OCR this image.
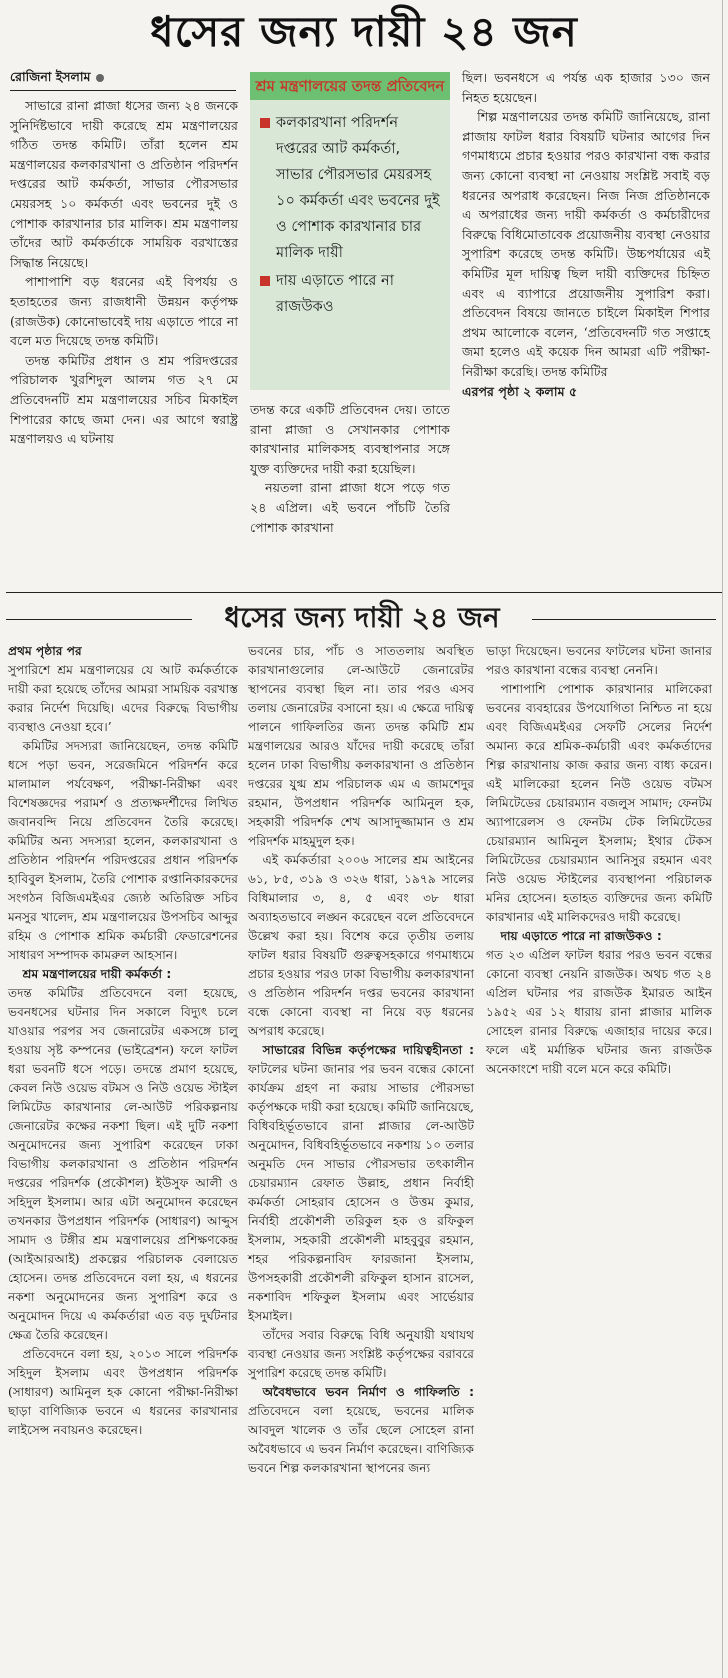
ধসের জন্য দায়ী ২৪ জন
রোজিনা ইসলাম

সাভারে রানা প্লাজা ধসের জন্য ২৪ জনকে সুনির্দিষ্টভাবে দায়ী করেছে শ্রম মন্ত্রণালয়ের গঠিত তদন্ত কমিটি। তাঁরা হলেন শ্রম মন্ত্রণালয়ের কলকারখানা ও প্রতিষ্ঠান পরিদর্শন দপ্তরের আট কর্মকর্তা, সাভার পৌরসভার মেয়রসহ ১০ কর্মকর্তা এবং ভবনের দুই ও পোশাক কারখানার চার মালিক। শ্রম মন্ত্রণালয় তাঁদের আট কর্মকর্তাকে সাময়িক বরখাস্তের সিদ্ধান্ত নিয়েছে।

পাশাপাশি বড় ধরনের এই বিপর্যয় ও হতাহতের জন্য রাজধানী উন্নয়ন কর্তৃপক্ষ (রাজউক) কোনোভাবেই দায় এড়াতে পারে না বলে মত দিয়েছে তদন্ত কমিটি।

তদন্ত কমিটির প্রধান ও শ্রম পরিদপ্তরের পরিচালক খুরশিদুল আলম গত ২৭ মে প্রতিবেদনটি শ্রম মন্ত্রণালয়ের সচিব মিকাইল শিপারের কাছে জমা দেন। এর আগে স্বরাষ্ট্র মন্ত্রণালয়ও এ ঘটনায়

শ্রম মন্ত্রণালয়ের তদন্ত প্রতিবেদন
কলকারখানা পরিদর্শন দপ্তরের আট কর্মকর্তা, সাভার পৌরসভার মেয়রসহ ১০ কর্মকর্তা এবং ভবনের দুই ও পোশাক কারখানার চার মালিক দায়ী
দায় এড়াতে পারে না রাজউকও

তদন্ত করে একটি প্রতিবেদন দেয়। তাতে রানা প্লাজা ও সেখানকার পোশাক কারখানার মালিকসহ ব্যবস্থাপনার সঙ্গে যুক্ত ব্যক্তিদের দায়ী করা হয়েছিল।

নয়তলা রানা প্লাজা ধসে পড়ে গত ২৪ এপ্রিল। এই ভবনে পাঁচটি তৈরি পোশাক কারখানা

ছিল। ভবনধসে এ পর্যন্ত এক হাজার ১৩০ জন নিহত হয়েছেন।

শিল্প মন্ত্রণালয়ের তদন্ত কমিটি জানিয়েছে, রানা প্লাজায় ফাটল ধরার বিষয়টি ঘটনার আগের দিন গণমাধ্যমে প্রচার হওয়ার পরও কারখানা বন্ধ করার জন্য কোনো ব্যবস্থা না নেওয়ায় সংশ্লিষ্ট সবাই বড় ধরনের অপরাধ করেছেন। নিজ নিজ প্রতিষ্ঠানকে এ অপরাধের জন্য দায়ী কর্মকর্তা ও কর্মচারীদের বিরুদ্ধে বিধিমোতাবেক প্রয়োজনীয় ব্যবস্থা নেওয়ার সুপারিশ করেছে তদন্ত কমিটি। উচ্চপর্যায়ের এই কমিটির মূল দায়িত্ব ছিল দায়ী ব্যক্তিদের চিহ্নিত এবং এ ব্যাপারে প্রয়োজনীয় সুপারিশ করা। প্রতিবেদন বিষয়ে জানতে চাইলে মিকাইল শিপার প্রথম আলোকে বলেন, ‘প্রতিবেদনটি গত সপ্তাহে জমা হলেও এই কয়েক দিন আমরা এটি পরীক্ষা-নিরীক্ষা করেছি। তদন্ত কমিটির

এরপর পৃষ্ঠা ২ কলাম ৫

ধসের জন্য দায়ী ২৪ জন

প্রথম পৃষ্ঠার পর

সুপারিশে শ্রম মন্ত্রণালয়ের যে আট কর্মকর্তাকে দায়ী করা হয়েছে তাঁদের আমরা সাময়িক বরখাস্ত করার নির্দেশ দিয়েছি। এদের বিরুদ্ধে বিভাগীয় ব্যবস্থাও নেওয়া হবে।’

কমিটির সদস্যরা জানিয়েছেন, তদন্ত কমিটি ধসে পড়া ভবন, সরেজমিনে পরিদর্শন করে মালামাল পর্যবেক্ষণ, পরীক্ষা-নিরীক্ষা এবং বিশেষজ্ঞদের পরামর্শ ও প্রত্যক্ষদর্শীদের লিখিত জবানবন্দি নিয়ে প্রতিবেদন তৈরি করেছে। কমিটির অন্য সদস্যরা হলেন, কলকারখানা ও প্রতিষ্ঠান পরিদর্শন পরিদপ্তরের প্রধান পরিদর্শক হাবিবুল ইসলাম, তৈরি পোশাক রপ্তানিকারকদের সংগঠন বিজিএমইএর জ্যেষ্ঠ অতিরিক্ত সচিব মনসুর খালেদ, শ্রম মন্ত্রণালয়ের উপসচিব আব্দুর রহিম ও পোশাক শ্রমিক কর্মচারী ফেডারেশনের সাধারণ সম্পাদক কামরুল আহসান।

শ্রম মন্ত্রণালয়ের দায়ী কর্মকর্তা :

তদন্ত কমিটির প্রতিবেদনে বলা হয়েছে, ভবনধসের ঘটনার দিন সকালে বিদ্যুৎ চলে যাওয়ার পরপর সব জেনারেটর একসঙ্গে চালু হওয়ায় সৃষ্ট কম্পনের (ভাইব্রেশন) ফলে ফাটল ধরা ভবনটি ধসে পড়ে। তদন্তে প্রমাণ হয়েছে, কেবল নিউ ওয়েভ বটমস ও নিউ ওয়েভ স্টাইল লিমিটেড কারখানার লে-আউট পরিকল্পনায় জেনারেটর কক্ষের নকশা ছিল। এই দুটি নকশা অনুমোদনের জন্য সুপারিশ করেছেন ঢাকা বিভাগীয় কলকারখানা ও প্রতিষ্ঠান পরিদর্শন দপ্তরের পরিদর্শক (প্রকৌশল) ইউসুফ আলী ও সহিদুল ইসলাম। আর এটা অনুমোদন করেছেন তখনকার উপপ্রধান পরিদর্শক (সাধারণ) আব্দুস সামাদ ও টঙ্গীর শ্রম মন্ত্রণালয়ের প্রশিক্ষণকেন্দ্র (আইআরআই) প্রকল্পের পরিচালক বেলায়েত হোসেন। তদন্ত প্রতিবেদনে বলা হয়, এ ধরনের নকশা অনুমোদনের জন্য সুপারিশ করে ও অনুমোদন দিয়ে এ কর্মকর্তারা এত বড় দুর্ঘটনার ক্ষেত্র তৈরি করেছেন।

প্রতিবেদনে বলা হয়, ২০১৩ সালে পরিদর্শক সহিদুল ইসলাম এবং উপপ্রধান পরিদর্শক (সাধারণ) আমিনুল হক কোনো পরীক্ষা-নিরীক্ষা ছাড়া বাণিজ্যিক ভবনে এ ধরনের কারখানার লাইসেন্স নবায়নও করেছেন।

ভবনের চার, পাঁচ ও সাততলায় অবস্থিত কারখানাগুলোর লে-আউটে জেনারেটর স্থাপনের ব্যবস্থা ছিল না। তার পরও এসব তলায় জেনারেটর বসানো হয়। এ ক্ষেত্রে দায়িত্ব পালনে গাফিলতির জন্য তদন্ত কমিটি শ্রম মন্ত্রণালয়ের আরও যাঁদের দায়ী করেছে তাঁরা হলেন ঢাকা বিভাগীয় কলকারখানা ও প্রতিষ্ঠান দপ্তরের যুগ্ম শ্রম পরিচালক এম এ জামশেদুর রহমান, উপপ্রধান পরিদর্শক আমিনুল হক, সহকারী পরিদর্শক শেখ আসাদুজ্জামান ও শ্রম পরিদর্শক মাহমুদুল হক।

এই কর্মকর্তারা ২০০৬ সালের শ্রম আইনের ৬১, ৮৫, ৩১৯ ও ৩২৬ ধারা, ১৯৭৯ সালের বিধিমালার ৩, ৪, ৫ এবং ৩৮ ধারা অব্যাহতভাবে লঙ্ঘন করেছেন বলে প্রতিবেদনে উল্লেখ করা হয়। বিশেষ করে তৃতীয় তলায় ফাটল ধরার বিষয়টি গুরুত্বসহকারে গণমাধ্যমে প্রচার হওয়ার পরও ঢাকা বিভাগীয় কলকারখানা ও প্রতিষ্ঠান পরিদর্শন দপ্তর ভবনের কারখানা বন্ধে কোনো ব্যবস্থা না নিয়ে বড় ধরনের অপরাধ করেছে।

সাভারের বিভিন্ন কর্তৃপক্ষের দায়িত্বহীনতা : ফাটলের ঘটনা জানার পর ভবন বন্ধের কোনো কার্যক্রম গ্রহণ না করায় সাভার পৌরসভা কর্তৃপক্ষকে দায়ী করা হয়েছে। কমিটি জানিয়েছে, বিধিবহির্ভূতভাবে রানা প্লাজার লে-আউট অনুমোদন, বিধিবহির্ভূতভাবে নকশায় ১০ তলার অনুমতি দেন সাভার পৌরসভার তৎকালীন চেয়ারম্যান রেফাত উল্লাহ, প্রধান নির্বাহী কর্মকর্তা সোহরাব হোসেন ও উত্তম কুমার, নির্বাহী প্রকৌশলী তরিকুল হক ও রফিকুল ইসলাম, সহকারী প্রকৌশলী মাহবুবুর রহমান, শহর পরিকল্পনাবিদ ফারজানা ইসলাম, উপসহকারী প্রকৌশলী রফিকুল হাসান রাসেল, নকশাবিদ শফিকুল ইসলাম এবং সার্ভেয়ার ইসমাইল।

তাঁদের সবার বিরুদ্ধে বিধি অনুযায়ী যথাযথ ব্যবস্থা নেওয়ার জন্য সংশ্লিষ্ট কর্তৃপক্ষের বরাবরে সুপারিশ করেছে তদন্ত কমিটি।

অবৈধভাবে ভবন নির্মাণ ও গাফিলতি : প্রতিবেদনে বলা হয়েছে, ভবনের মালিক আবদুল খালেক ও তাঁর ছেলে সোহেল রানা অবৈধভাবে এ ভবন নির্মাণ করেছেন। বাণিজ্যিক ভবনে শিল্প কলকারখানা স্থাপনের জন্য

ভাড়া দিয়েছেন। ভবনের ফাটলের ঘটনা জানার পরও কারখানা বন্ধের ব্যবস্থা নেননি।

পাশাপাশি পোশাক কারখানার মালিকেরা ভবনের ব্যবহারের উপযোগিতা নিশ্চিত না হয়ে এবং বিজিএমইএর সেফটি সেলের নির্দেশ অমান্য করে শ্রমিক-কর্মচারী এবং কর্মকর্তাদের শিল্প কারখানায় কাজ করার জন্য বাধ্য করেন। এই মালিকেরা হলেন নিউ ওয়েভ বটমস লিমিটেডের চেয়ারম্যান বজলুস সামাদ; ফেনটম অ্যাপারেলস ও ফেনটম টেক লিমিটেডের চেয়ারম্যান আমিনুল ইসলাম; ইথার টেকস লিমিটেডের চেয়ারম্যান আনিসুর রহমান এবং নিউ ওয়েভ স্টাইলের ব্যবস্থাপনা পরিচালক মনির হোসেন। হতাহত ব্যক্তিদের জন্য কমিটি কারখানার এই মালিকদেরও দায়ী করেছে।

দায় এড়াতে পারে না রাজউকও :

গত ২৩ এপ্রিল ফাটল ধরার পরও ভবন বন্ধের কোনো ব্যবস্থা নেয়নি রাজউক। অথচ গত ২৪ এপ্রিল ঘটনার পর রাজউক ইমারত আইন ১৯৫২ এর ১২ ধারায় রানা প্লাজার মালিক সোহেল রানার বিরুদ্ধে এজাহার দায়ের করে। ফলে এই মর্মান্তিক ঘটনার জন্য রাজউক অনেকাংশে দায়ী বলে মনে করে কমিটি।
